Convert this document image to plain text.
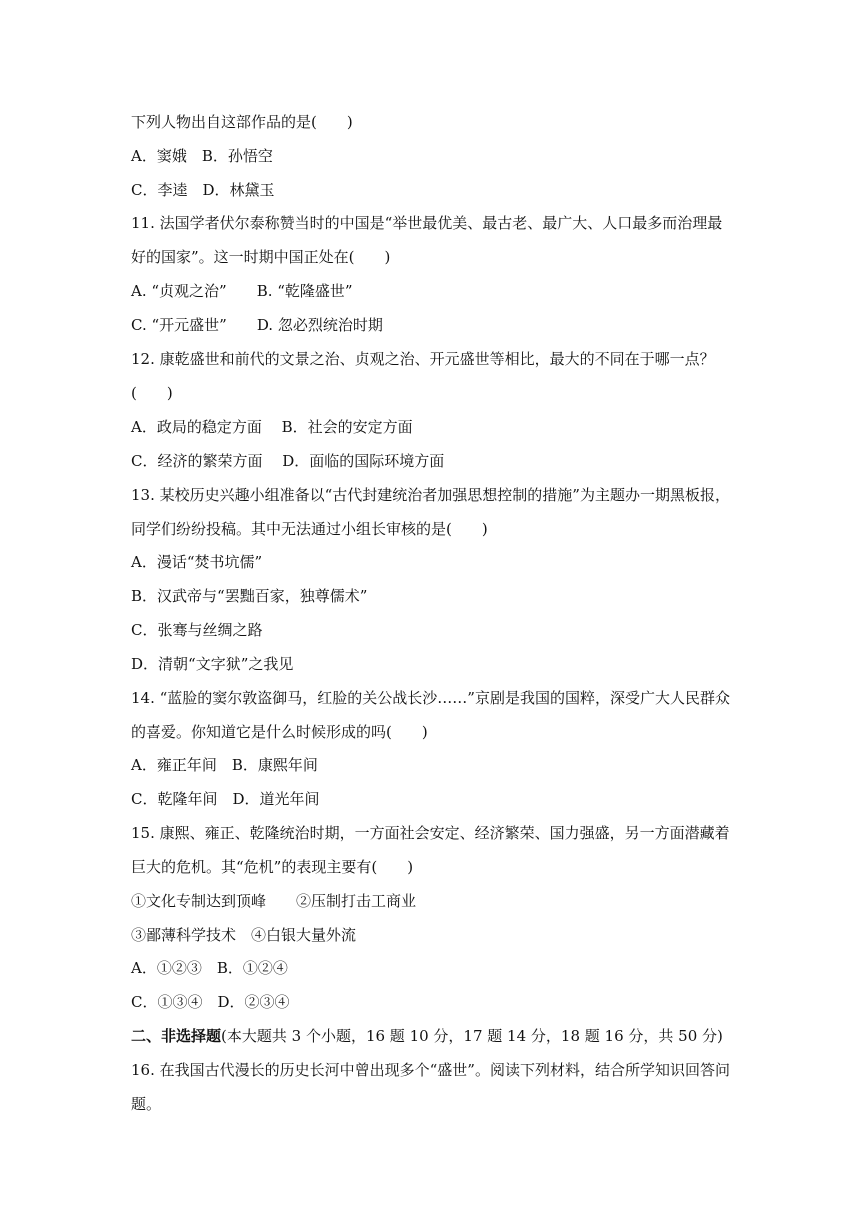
下列人物出自这部作品的是(　　)
A．窦娥　B．孙悟空
C．李逵　D．林黛玉
11. 法国学者伏尔泰称赞当时的中国是“举世最优美、最古老、最广大、人口最多而治理最
好的国家”。这一时期中国正处在(　　)
A. “贞观之治”　　B. “乾隆盛世”
C. “开元盛世”　　D. 忽必烈统治时期
12. 康乾盛世和前代的文景之治、贞观之治、开元盛世等相比，最大的不同在于哪一点？
(　　)
A．政局的稳定方面　 B．社会的安定方面
C．经济的繁荣方面　 D．面临的国际环境方面
13. 某校历史兴趣小组准备以“古代封建统治者加强思想控制的措施”为主题办一期黑板报，
同学们纷纷投稿。其中无法通过小组长审核的是(　　)
A．漫话“焚书坑儒”
B．汉武帝与“罢黜百家，独尊儒术”
C．张骞与丝绸之路
D．清朝“文字狱”之我见
14. “蓝脸的窦尔敦盗御马，红脸的关公战长沙……”京剧是我国的国粹，深受广大人民群众
的喜爱。你知道它是什么时候形成的吗(　　)
A．雍正年间　B．康熙年间
C．乾隆年间　D．道光年间
15. 康熙、雍正、乾隆统治时期，一方面社会安定、经济繁荣、国力强盛，另一方面潜藏着
巨大的危机。其“危机”的表现主要有(　　)
①文化专制达到顶峰　　②压制打击工商业
③鄙薄科学技术　④白银大量外流
A．①②③　B．①②④
C．①③④　D．②③④
二、非选择题(本大题共 3 个小题，16 题 10 分，17 题 14 分，18 题 16 分，共 50 分)
16. 在我国古代漫长的历史长河中曾出现多个“盛世”。阅读下列材料，结合所学知识回答问
题。
